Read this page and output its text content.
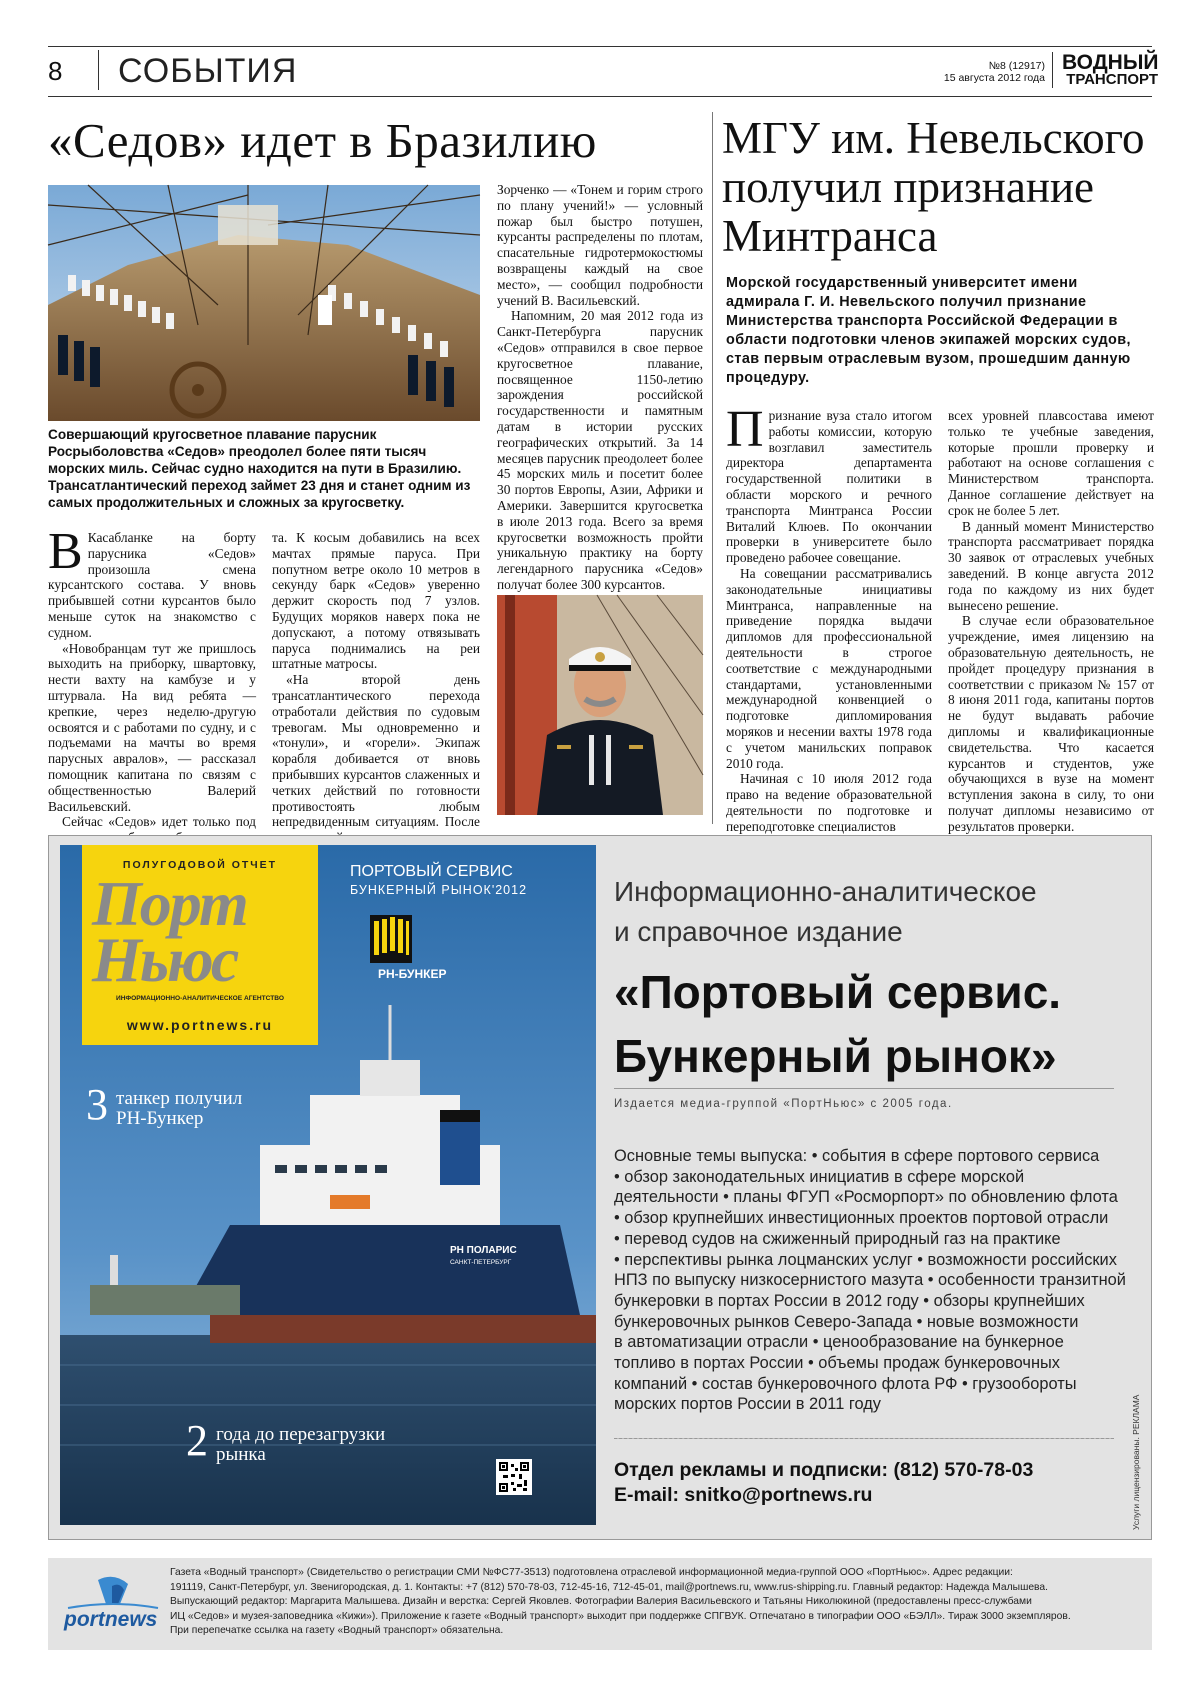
8 СОБЫТИЯ	№8 (12917)
15 августа 2012 года
ВОДНЫЙ
ТРАНСПОРТ
«Седов» идет в Бразилию
Совершающий кругосветное плавание парусник Росрыболовства «Седов» преодолел более пяти тысяч морских миль. Сейчас судно находится на пути в Бразилию. Трансатлантический переход займет 23 дня и станет одним из самых продолжительных и сложных за кругосветку.
В Касабланке на борту парусника «Седов» произошла смена курсантского состава. У вновь прибывшей сотни курсантов было меньше суток на знакомство с судном.

«Новобранцам тут же пришлось выходить на приборку, швартовку, нести вахту на камбузе и у штурвала. На вид ребята — крепкие, через неделю-другую освоятся и с работами по судну, и с подъемами на мачты во время парусных авралов», — рассказал помощник капитана по связям с общественностью Валерий Васильевский.

Сейчас «Седов» идет только под

та. К косым добавились на всех мачтах прямые паруса. При попутном ветре около 10 метров в секунду барк «Седов» уверенно держит скорость под 7 узлов. Будущих моряков наверх пока не допускают, а потому отвязывать паруса поднимались на реи штатные матросы.

«На второй день трансатлантического перехода отработали действия по судовым тревогам. Мы одновременно и «тонули», и «горели». Экипаж корабля добивается от вновь прибывших курсантов слаженных и четких действий по готовности противостоять любым непредвиденным ситуациям. После

Зорченко — «Тонем и горим строго по плану учений!» — условный пожар был быстро потушен, курсанты распределены по плотам, спасательные гидротермокостюмы возвращены каждый на свое место», — сообщил подробности учений В. Васильевский.

Напомним, 20 мая 2012 года из Санкт-Петербурга парусник «Седов» отправился в свое первое кругосветное плавание, посвященное 1150-летию зарождения российской государственности и памятным датам в истории русских географических открытий. За 14 месяцев парусник преодолеет более 45 морских миль и посетит более 30 портов Европы, Азии, Африки и Америки. Завершится кругосветка в июле 2013 года. Всего за время кругосветки возможность пройти уникальную практику на борту легендарного парусника «Седов» получат более 300 курсантов.

МГУ им. Невельского получил признание Минтранса
Морской государственный университет имени адмирала Г. И. Невельского получил признание Министерства транспорта Российской Федерации в области подготовки членов экипажей морских судов, став первым отраслевым вузом, прошедшим данную процедуру.
П ризнание вуза стало итогом работы комиссии, которую возглавил заместитель директора департамента государственной политики в области морского и речного транспорта Минтранса России Виталий Клюев. По окончании проверки в университете было проведено рабочее совещание.

На совещании рассматривались законодательные инициативы Минтранса, направленные на приведение порядка выдачи дипломов для профессиональной деятельности в строгое соответствие с международными стандартами, установленными международной конвенцией о подготовке дипломирования моряков и несении вахты 1978 года с учетом манильских поправок 2010 года.

Начиная с 10 июля 2012 года право на ведение образовательной деятельности по подготовке и переподготовке специалистов

всех уровней плавсостава имеют только те учебные заведения, которые прошли проверку и работают на основе соглашения с Министерством транспорта. Данное соглашение действует на срок не более 5 лет.

В данный момент Министерство транспорта рассматривает порядка 30 заявок от отраслевых учебных заведений. В конце августа 2012 года по каждому из них будет вынесено решение.

В случае если образовательное учреждение, имея лицензию на образовательную деятельность, не пройдет процедуру признания в соответствии с приказом № 157 от 8 июня 2011 года, капитаны портов не будут выдавать рабочие дипломы и квалификационные свидетельства. Что касается курсантов и студентов, уже обучающихся в вузе на момент вступления закона в силу, то они получат дипломы независимо от результатов проверки.

ПОЛУГОДОВОЙ ОТЧЕТ
Порт
Ньюс
ИНФОРМАЦИОННО-АНАЛИТИЧЕСКОЕ АГЕНТСТВО
www.portnews.ru
ПОРТОВЫЙ СЕРВИС
БУНКЕРНЫЙ РЫНОК'2012
РН-БУНКЕР
3 танкер получил
РН-Бункер
РН ПОЛАРИС
САНКТ-ПЕТЕРБУРГ
2 года до перезагрузки
рынка
Информационно-аналитическое
и справочное издание
«Портовый сервис.
Бункерный рынок»
Издается медиа-группой «ПортНьюс» с 2005 года.
Основные темы выпуска: • события в сфере портового сервиса
• обзор законодательных инициатив в сфере морской
деятельности • планы ФГУП «Росморпорт» по обновлению флота
• обзор крупнейших инвестиционных проектов портовой отрасли
• перевод судов на сжиженный природный газ на практике
• перспективы рынка лоцманских услуг • возможности российских
НПЗ по выпуску низкосернистого мазута • особенности транзитной
бункеровки в портах России в 2012 году • обзоры крупнейших
бункеровочных рынков Северо-Запада • новые возможности
в автоматизации отрасли • ценообразование на бункерное
топливо в портах России • объемы продаж бункеровочных
компаний • состав бункеровочного флота РФ • грузообороты
морских портов России в 2011 году
Отдел рекламы и подписки: (812) 570-78-03
E-mail: snitko@portnews.ru	Услуги лицензированы. РЕКЛАМА
portnews
Газета «Водный транспорт» (Свидетельство о регистрации СМИ №ФС77-3513) подготовлена отраслевой информационной медиа-группой ООО «ПортНьюс». Адрес редакции:
191119, Санкт-Петербург, ул. Звенигородская, д. 1. Контакты: +7 (812) 570-78-03, 712-45-16, 712-45-01, mail@portnews.ru, www.rus-shipping.ru. Главный редактор: Надежда Малышева.
Выпускающий редактор: Маргарита Малышева. Дизайн и верстка: Сергей Яковлев. Фотографии Валерия Васильевского и Татьяны Николюкиной (предоставлены пресс-службами
ИЦ «Седов» и музея-заповедника «Кижи»). Приложение к газете «Водный транспорт» выходит при поддержке СПГВУК. Отпечатано в типографии ООО «БЭЛЛ». Тираж 3000 экземпляров.
При перепечатке ссылка на газету «Водный транспорт» обязательна.
